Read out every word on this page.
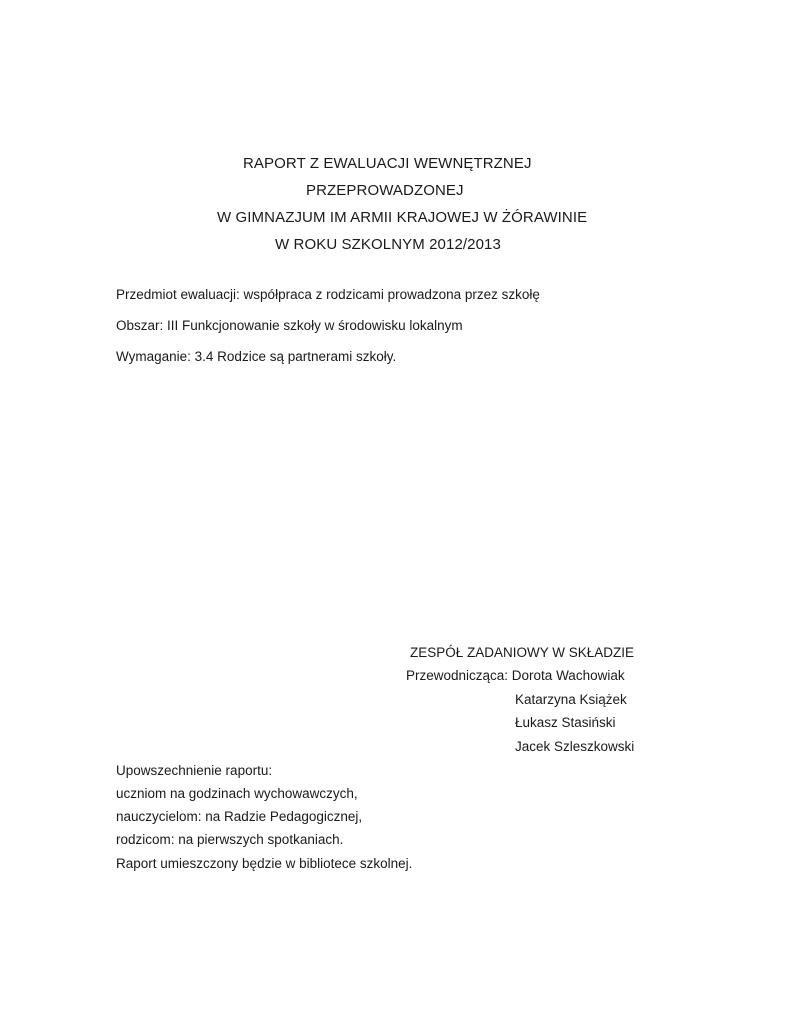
RAPORT Z EWALUACJI WEWNĘTRZNEJ
PRZEPROWADZONEJ
W GIMNAZJUM IM ARMII KRAJOWEJ W ŻÓRAWINIE
W ROKU SZKOLNYM 2012/2013
Przedmiot ewaluacji: współpraca z rodzicami prowadzona przez szkołę
Obszar: III Funkcjonowanie szkoły w środowisku lokalnym
Wymaganie: 3.4 Rodzice są partnerami szkoły.
ZESPÓŁ ZADANIOWY W SKŁADZIE
Przewodnicząca: Dorota Wachowiak
Katarzyna Książek
Łukasz Stasiński
Jacek Szleszkowski
Upowszechnienie raportu:
uczniom na godzinach wychowawczych,
nauczycielom: na Radzie Pedagogicznej,
rodzicom: na pierwszych spotkaniach.
Raport umieszczony będzie w bibliotece szkolnej.
